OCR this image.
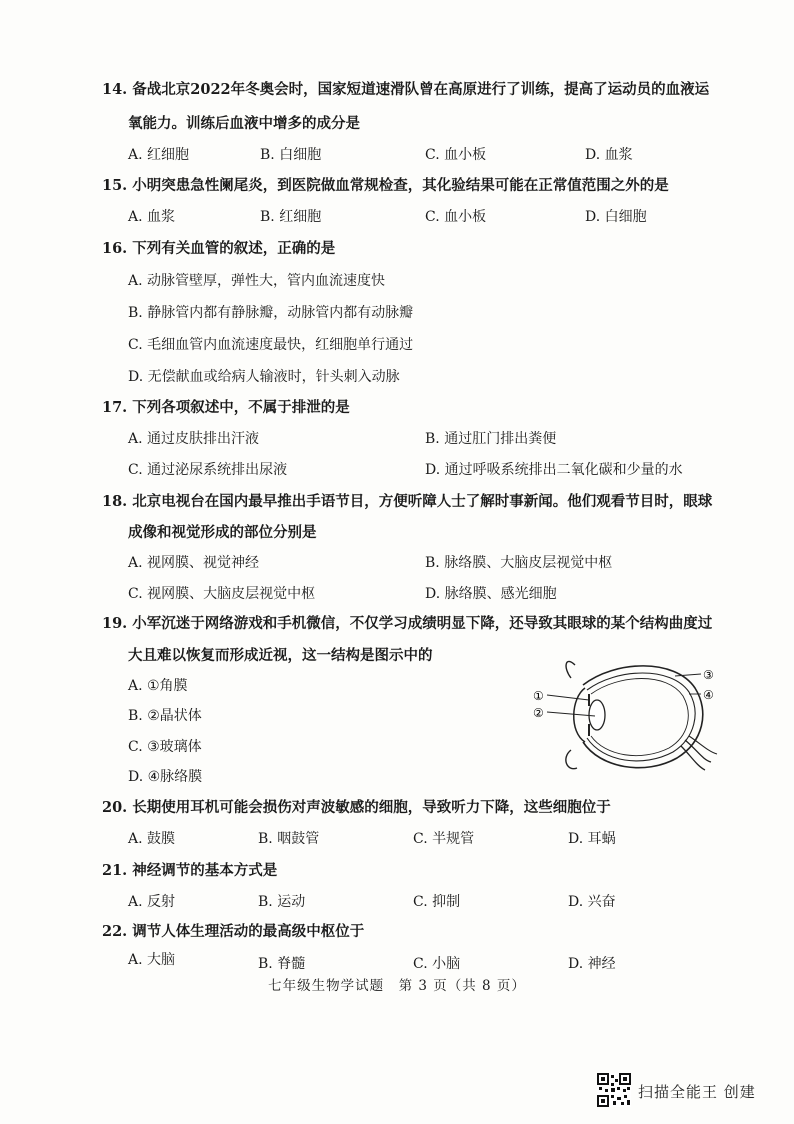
14. 备战北京2022年冬奥会时，国家短道速滑队曾在高原进行了训练，提高了运动员的血液运
氧能力。训练后血液中增多的成分是
A. 红细胞	B. 白细胞	C. 血小板	D. 血浆
15. 小明突患急性阑尾炎，到医院做血常规检查，其化验结果可能在正常值范围之外的是
A. 血浆	B. 红细胞	C. 血小板	D. 白细胞
16. 下列有关血管的叙述，正确的是
A. 动脉管壁厚，弹性大，管内血流速度快
B. 静脉管内都有静脉瓣，动脉管内都有动脉瓣
C. 毛细血管内血流速度最快，红细胞单行通过
D. 无偿献血或给病人输液时，针头刺入动脉
17. 下列各项叙述中，不属于排泄的是
A. 通过皮肤排出汗液	B. 通过肛门排出粪便
C. 通过泌尿系统排出尿液	D. 通过呼吸系统排出二氧化碳和少量的水
18. 北京电视台在国内最早推出手语节目，方便听障人士了解时事新闻。他们观看节目时，眼球
成像和视觉形成的部位分别是
A. 视网膜、视觉神经	B. 脉络膜、大脑皮层视觉中枢
C. 视网膜、大脑皮层视觉中枢	D. 脉络膜、感光细胞
19. 小军沉迷于网络游戏和手机微信，不仅学习成绩明显下降，还导致其眼球的某个结构曲度过
大且难以恢复而形成近视，这一结构是图示中的
A. ①角膜
B. ②晶状体
C. ③玻璃体
D. ④脉络膜
①
②
③
④
20. 长期使用耳机可能会损伤对声波敏感的细胞，导致听力下降，这些细胞位于
A. 鼓膜	B. 咽鼓管	C. 半规管	D. 耳蜗
21. 神经调节的基本方式是
A. 反射	B. 运动	C. 抑制	D. 兴奋
22. 调节人体生理活动的最高级中枢位于
A. 大脑	B. 脊髓	C. 小脑	D. 神经
七年级生物学试题　第 3 页（共 8 页）
扫描全能王 创建
